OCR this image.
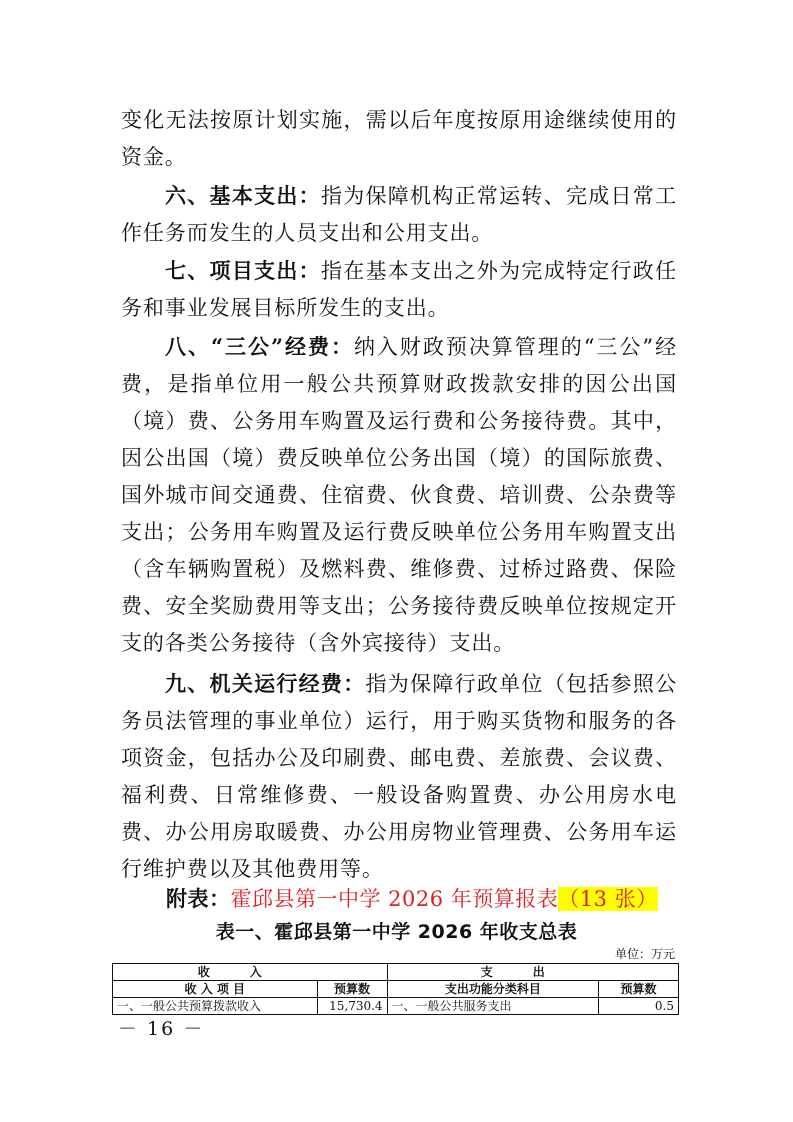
变化无法按原计划实施，需以后年度按原用途继续使用的资金。

六、基本支出：指为保障机构正常运转、完成日常工作任务而发生的人员支出和公用支出。

七、项目支出：指在基本支出之外为完成特定行政任务和事业发展目标所发生的支出。

八、“三公”经费：纳入财政预决算管理的“三公”经费，是指单位用一般公共预算财政拨款安排的因公出国（境）费、公务用车购置及运行费和公务接待费。其中，因公出国（境）费反映单位公务出国（境）的国际旅费、国外城市间交通费、住宿费、伙食费、培训费、公杂费等支出；公务用车购置及运行费反映单位公务用车购置支出（含车辆购置税）及燃料费、维修费、过桥过路费、保险费、安全奖励费用等支出；公务接待费反映单位按规定开支的各类公务接待（含外宾接待）支出。

九、机关运行经费：指为保障行政单位（包括参照公务员法管理的事业单位）运行，用于购买货物和服务的各项资金，包括办公及印刷费、邮电费、差旅费、会议费、福利费、日常维修费、一般设备购置费、办公用房水电费、办公用房取暖费、办公用房物业管理费、公务用车运行维护费以及其他费用等。

附表：霍邱县第一中学 2026 年预算报表（13 张）
表一、霍邱县第一中学 2026 年收支总表
单位：万元
收入		支出	
收 入 项 目	预算数	支出功能分类科目	预算数
一、一般公共预算拨款收入	15,730.4	一、一般公共服务支出	0.5
－ 16 －
